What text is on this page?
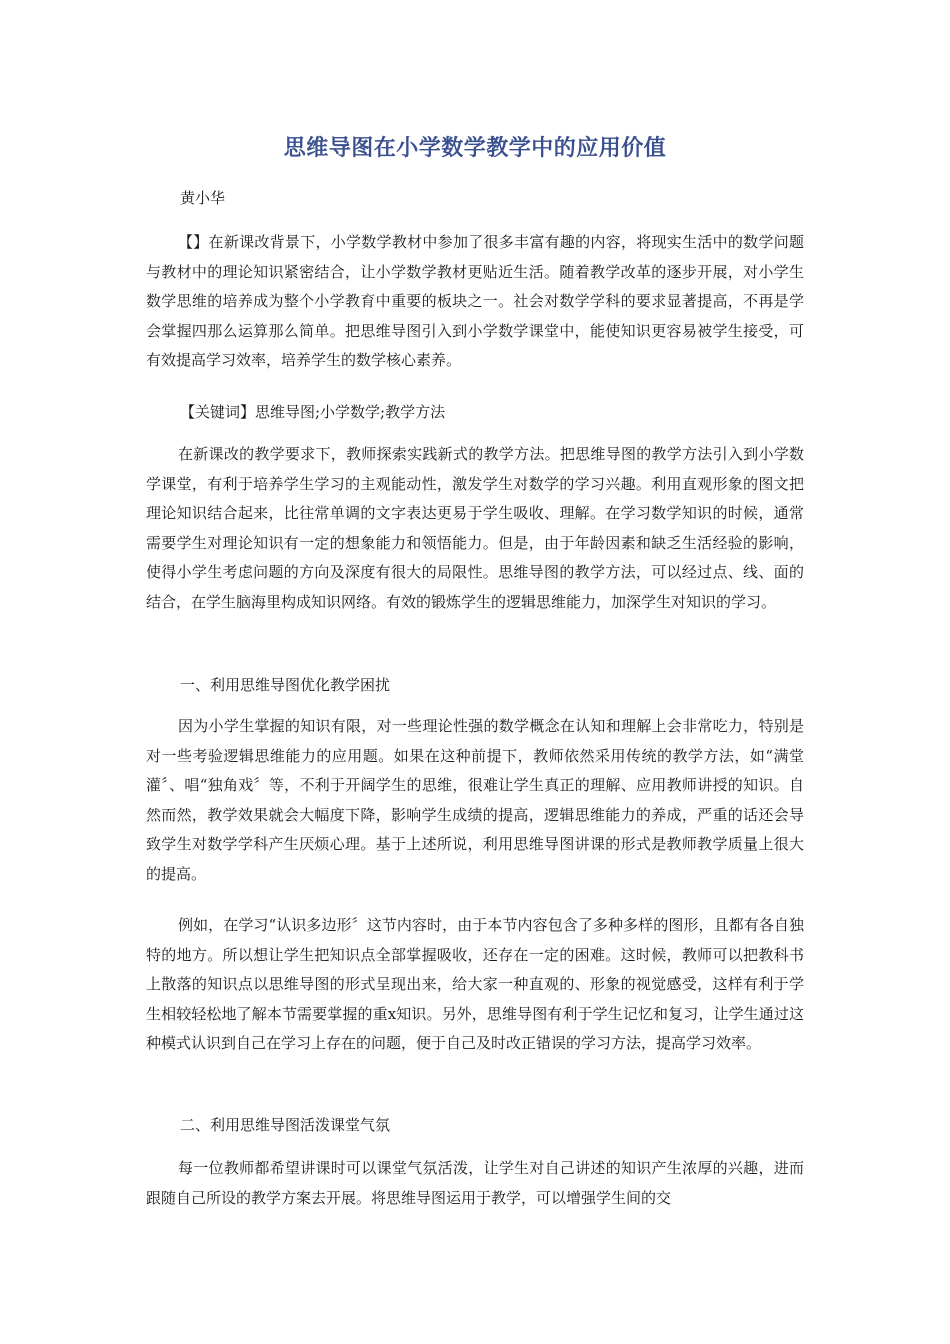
思维导图在小学数学教学中的应用价值
黄小华

【】在新课改背景下，小学数学教材中参加了很多丰富有趣的内容，将现实生活中的数学问题与教材中的理论知识紧密结合，让小学数学教材更贴近生活。随着教学改革的逐步开展，对小学生数学思维的培养成为整个小学教育中重要的板块之一。社会对数学学科的要求显著提高，不再是学会掌握四那么运算那么简单。把思维导图引入到小学数学课堂中，能使知识更容易被学生接受，可有效提高学习效率，培养学生的数学核心素养。

【关键词】思维导图;小学数学;教学方法

在新课改的教学要求下，教师探索实践新式的教学方法。把思维导图的教学方法引入到小学数学课堂，有利于培养学生学习的主观能动性，激发学生对数学的学习兴趣。利用直观形象的图文把理论知识结合起来，比往常单调的文字表达更易于学生吸收、理解。在学习数学知识的时候，通常需要学生对理论知识有一定的想象能力和领悟能力。但是，由于年龄因素和缺乏生活经验的影响，使得小学生考虑问题的方向及深度有很大的局限性。思维导图的教学方法，可以经过点、线、面的结合，在学生脑海里构成知识网络。有效的锻炼学生的逻辑思维能力，加深学生对知识的学习。

一、利用思维导图优化教学困扰

因为小学生掌握的知识有限，对一些理论性强的数学概念在认知和理解上会非常吃力，特别是对一些考验逻辑思维能力的应用题。如果在这种前提下，教师依然采用传统的教学方法，如“满堂灌〞、唱“独角戏〞等，不利于开阔学生的思维，很难让学生真正的理解、应用教师讲授的知识。自然而然，教学效果就会大幅度下降，影响学生成绩的提高，逻辑思维能力的养成，严重的话还会导致学生对数学学科产生厌烦心理。基于上述所说，利用思维导图讲课的形式是教师教学质量上很大的提高。

例如，在学习“认识多边形〞这节内容时，由于本节内容包含了多种多样的图形，且都有各自独特的地方。所以想让学生把知识点全部掌握吸收，还存在一定的困难。这时候，教师可以把教科书上散落的知识点以思维导图的形式呈现出来，给大家一种直观的、形象的视觉感受，这样有利于学生相较轻松地了解本节需要掌握的重x知识。另外，思维导图有利于学生记忆和复习，让学生通过这种模式认识到自己在学习上存在的问题，便于自己及时改正错误的学习方法，提高学习效率。

二、利用思维导图活泼课堂气氛

每一位教师都希望讲课时可以课堂气氛活泼，让学生对自己讲述的知识产生浓厚的兴趣，进而跟随自己所设的教学方案去开展。将思维导图运用于教学，可以增强学生间的交
